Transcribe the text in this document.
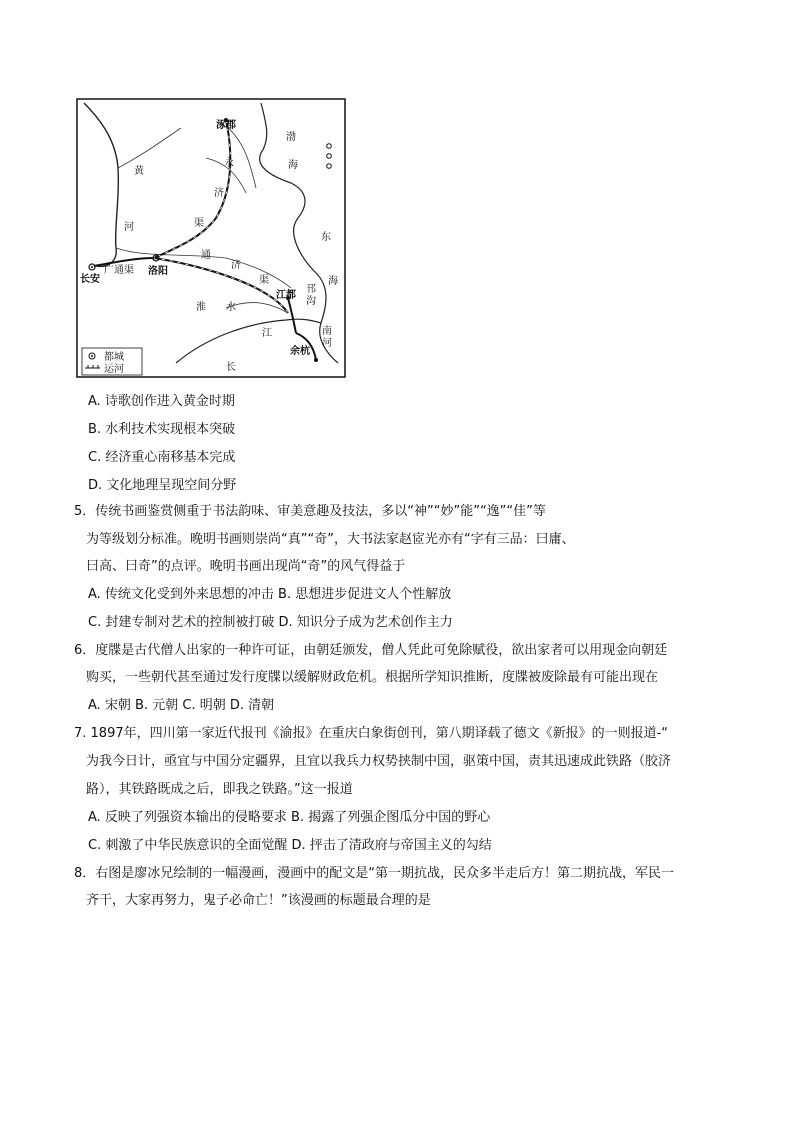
涿郡
渤
海
黄
河
永
济
渠
东
海
通
济
渠
长安
广通渠 洛阳
淮 水
江都
邗
沟
江	南
河
余杭
长
都城
运河
A. 诗歌创作进入黄金时期
B. 水利技术实现根本突破
C. 经济重心南移基本完成
D. 文化地理呈现空间分野
5．传统书画鉴赏侧重于书法韵味、审美意趣及技法，多以“神”“妙”能”“逸”“佳”等
为等级划分标准。晚明书画则崇尚“真”“奇”，大书法家赵宧光亦有“字有三品：曰庸、
曰高、曰奇”的点评。晚明书画出现尚“奇”的风气得益于
A. 传统文化受到外来思想的冲击 B. 思想进步促进文人个性解放
C. 封建专制对艺术的控制被打破 D. 知识分子成为艺术创作主力
6．度牒是古代僧人出家的一种许可证，由朝廷颁发，僧人凭此可免除赋役，欲出家者可以用现金向朝廷
购买，一些朝代甚至通过发行度牒以缓解财政危机。根据所学知识推断，度牒被废除最有可能出现在
A. 宋朝 B. 元朝 C. 明朝 D. 清朝
7. 1897年，四川第一家近代报刊《渝报》在重庆白象街创刊，第八期译载了德文《新报》的一则报道-“
为我今日计，亟宜与中国分定疆界，且宜以我兵力权势挟制中国，驱策中国，责其迅速成此铁路（胶济
路），其铁路既成之后，即我之铁路。”这一报道
A. 反映了列强资本输出的侵略要求 B. 揭露了列强企图瓜分中国的野心
C. 刺激了中华民族意识的全面觉醒 D. 抨击了清政府与帝国主义的勾结
8．右图是廖冰兄绘制的一幅漫画，漫画中的配文是“第一期抗战，民众多半走后方！第二期抗战，军民一
齐干，大家再努力，鬼子必命亡！”该漫画的标题最合理的是
